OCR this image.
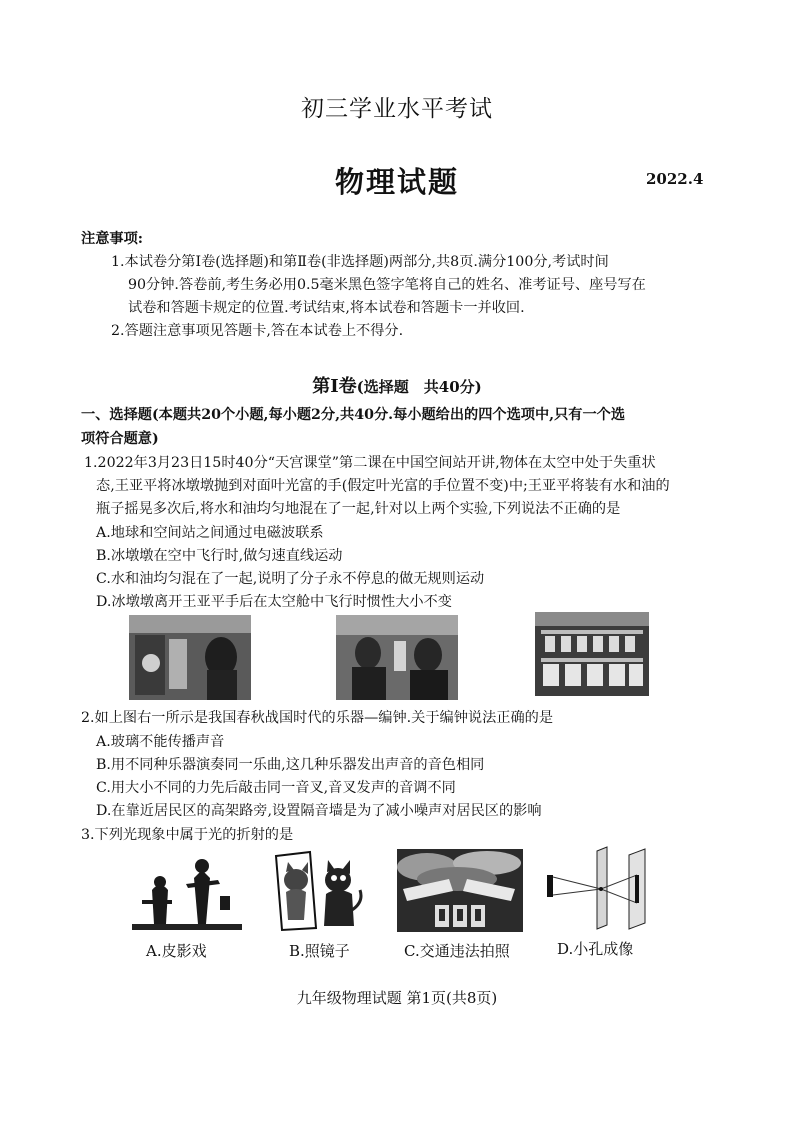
初三学业水平考试
物理试题	2022.4
注意事项:
1.本试卷分第Ⅰ卷(选择题)和第Ⅱ卷(非选择题)两部分,共8页.满分100分,考试时间
90分钟.答卷前,考生务必用0.5毫米黑色签字笔将自己的姓名、准考证号、座号写在
试卷和答题卡规定的位置.考试结束,将本试卷和答题卡一并收回.
2.答题注意事项见答题卡,答在本试卷上不得分.
第Ⅰ卷(选择题　共40分)
一、选择题(本题共20个小题,每小题2分,共40分.每小题给出的四个选项中,只有一个选
项符合题意)
1.2022年3月23日15时40分“天宫课堂”第二课在中国空间站开讲,物体在太空中处于失重状
态,王亚平将冰墩墩抛到对面叶光富的手(假定叶光富的手位置不变)中;王亚平将装有水和油的
瓶子摇晃多次后,将水和油均匀地混在了一起,针对以上两个实验,下列说法不正确的是
A.地球和空间站之间通过电磁波联系
B.冰墩墩在空中飞行时,做匀速直线运动
C.水和油均匀混在了一起,说明了分子永不停息的做无规则运动
D.冰墩墩离开王亚平手后在太空舱中飞行时惯性大小不变
2.如上图右一所示是我国春秋战国时代的乐器—编钟.关于编钟说法正确的是
A.玻璃不能传播声音
B.用不同种乐器演奏同一乐曲,这几种乐器发出声音的音色相同
C.用大小不同的力先后敲击同一音叉,音叉发声的音调不同
D.在靠近居民区的高架路旁,设置隔音墙是为了减小噪声对居民区的影响
3.下列光现象中属于光的折射的是
A.皮影戏	B.照镜子	C.交通违法拍照	D.小孔成像
九年级物理试题 第1页(共8页)
